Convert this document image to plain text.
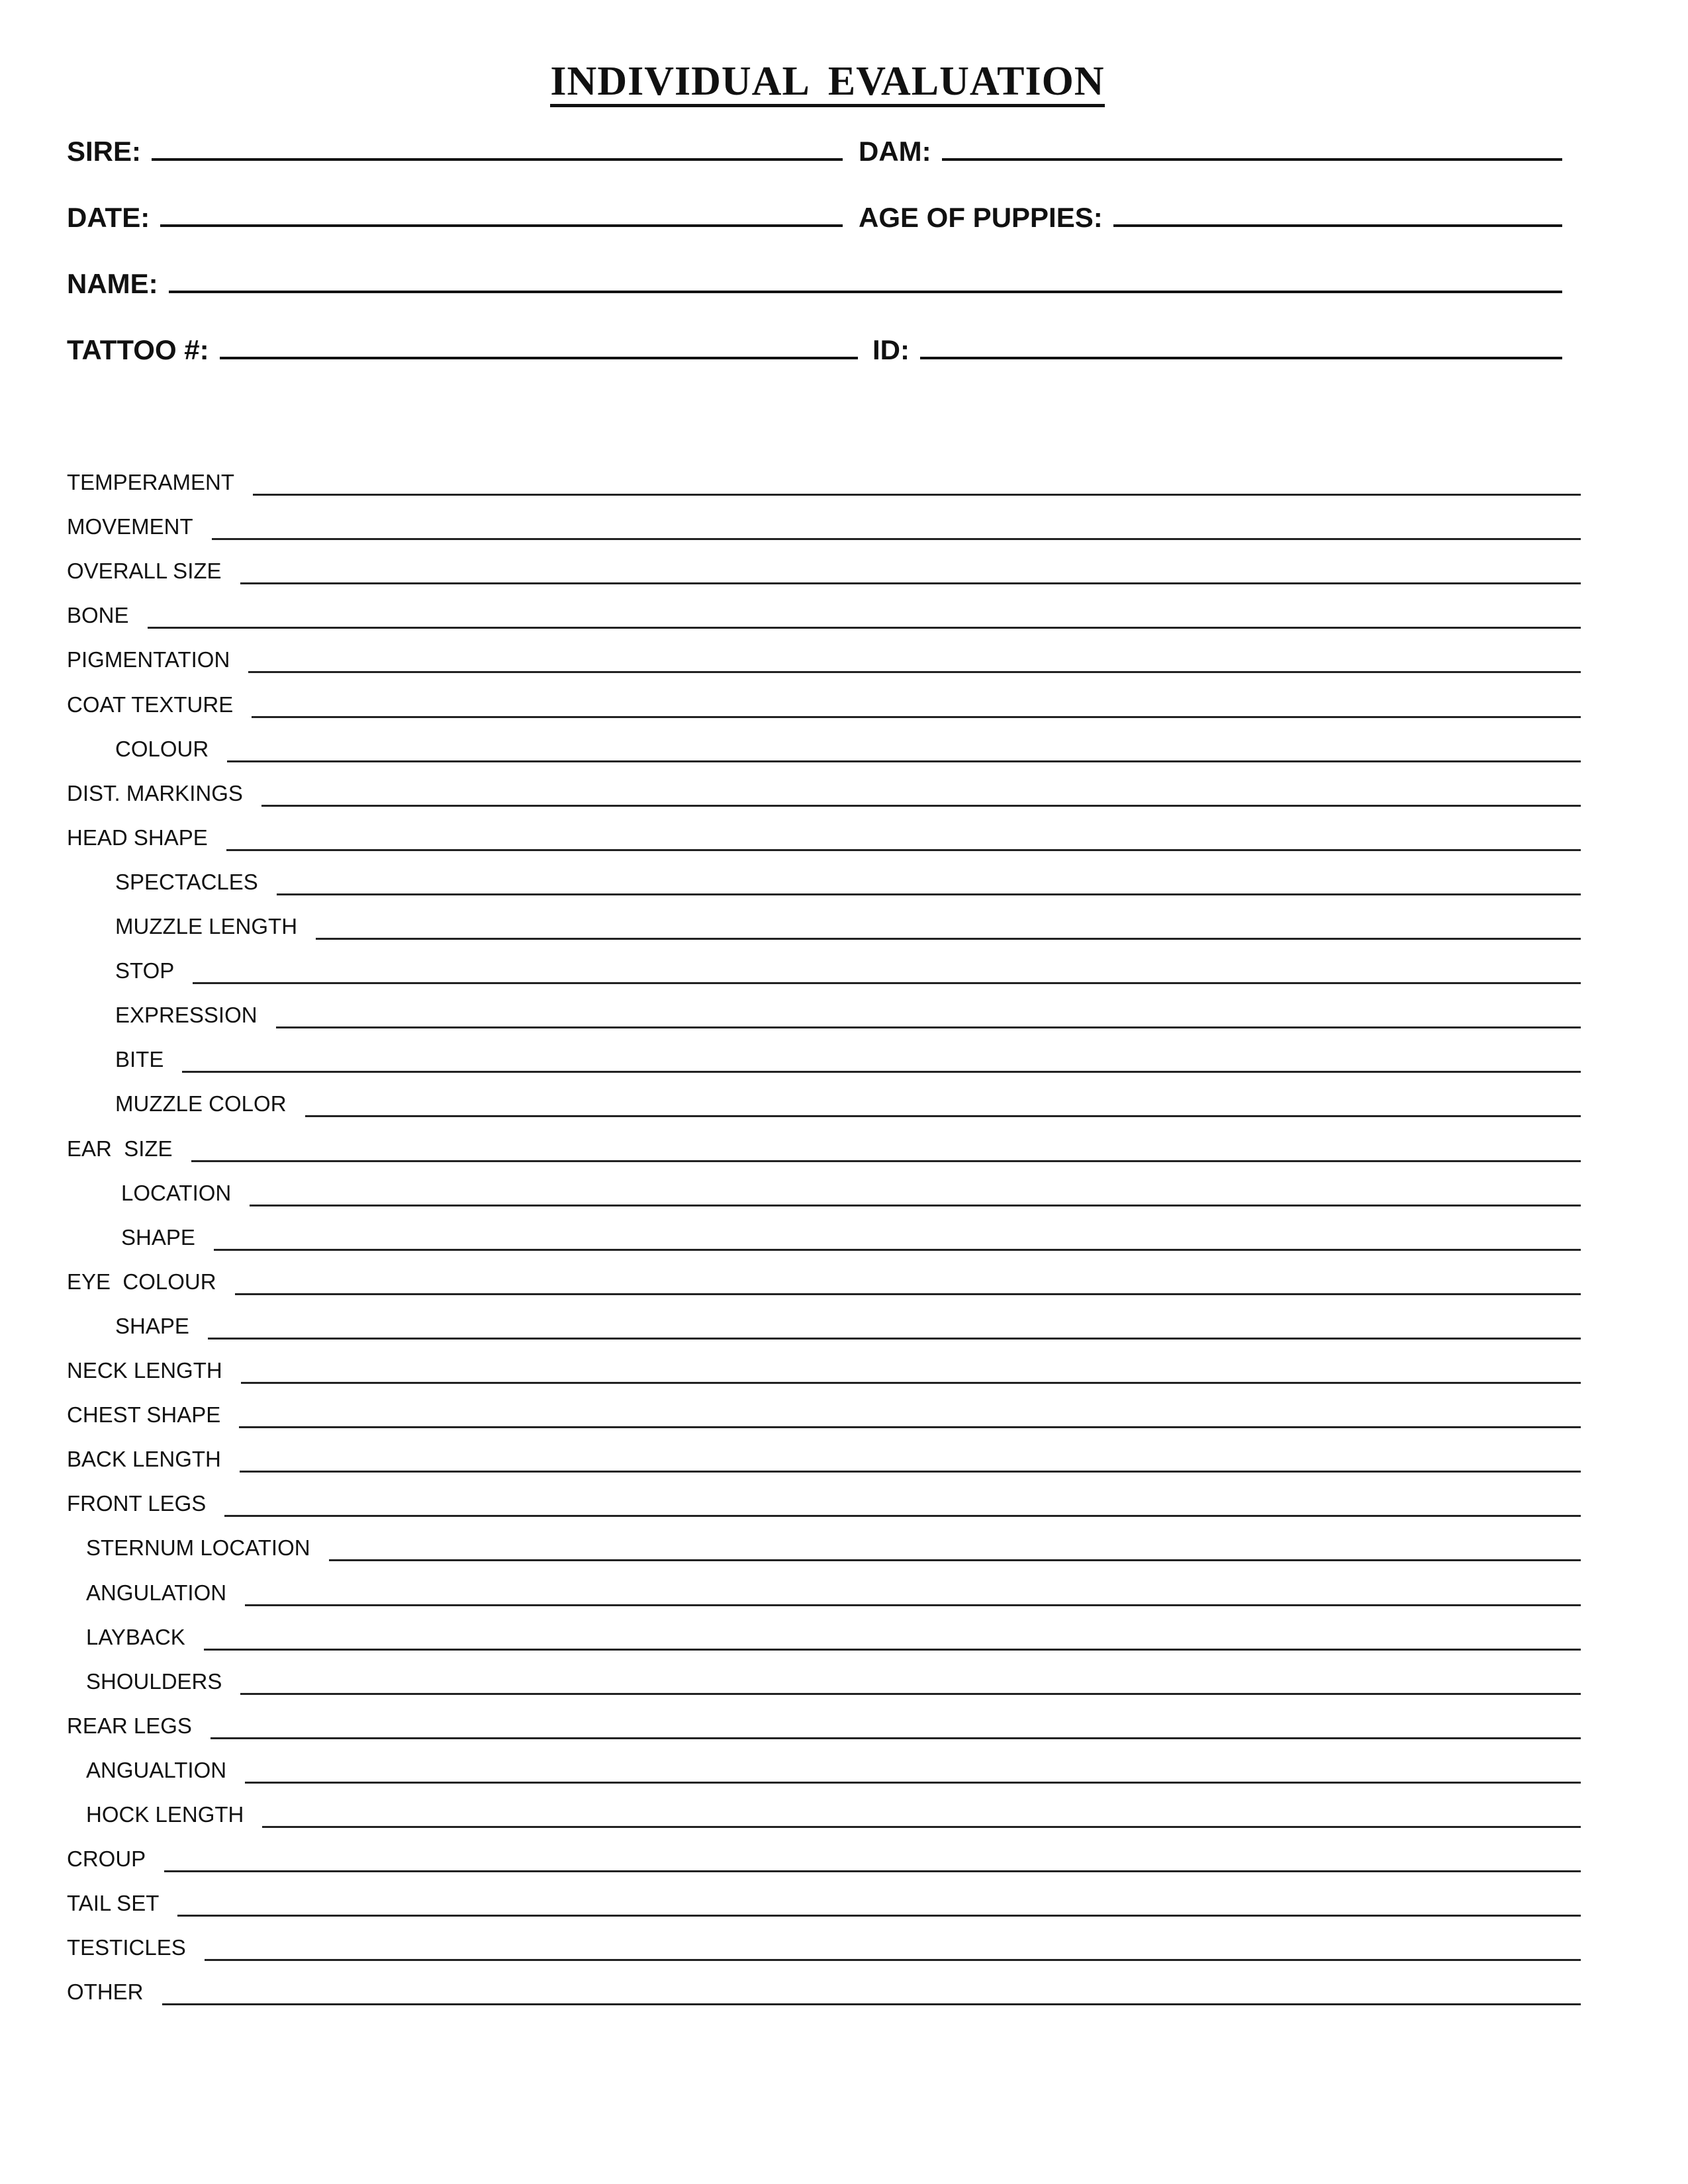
INDIVIDUAL EVALUATION
SIRE:	DAM:
DATE:	AGE OF PUPPIES:
NAME:
TATTOO #:	ID:
TEMPERAMENT
MOVEMENT
OVERALL SIZE
BONE
PIGMENTATION
COAT TEXTURE
COLOUR
DIST. MARKINGS
HEAD SHAPE
SPECTACLES
MUZZLE LENGTH
STOP
EXPRESSION
BITE
MUZZLE COLOR
EAR  SIZE
LOCATION
SHAPE
EYE  COLOUR
SHAPE
NECK LENGTH
CHEST SHAPE
BACK LENGTH
FRONT LEGS
STERNUM LOCATION
ANGULATION
LAYBACK
SHOULDERS
REAR LEGS
ANGUALTION
HOCK LENGTH
CROUP
TAIL SET
TESTICLES
OTHER
